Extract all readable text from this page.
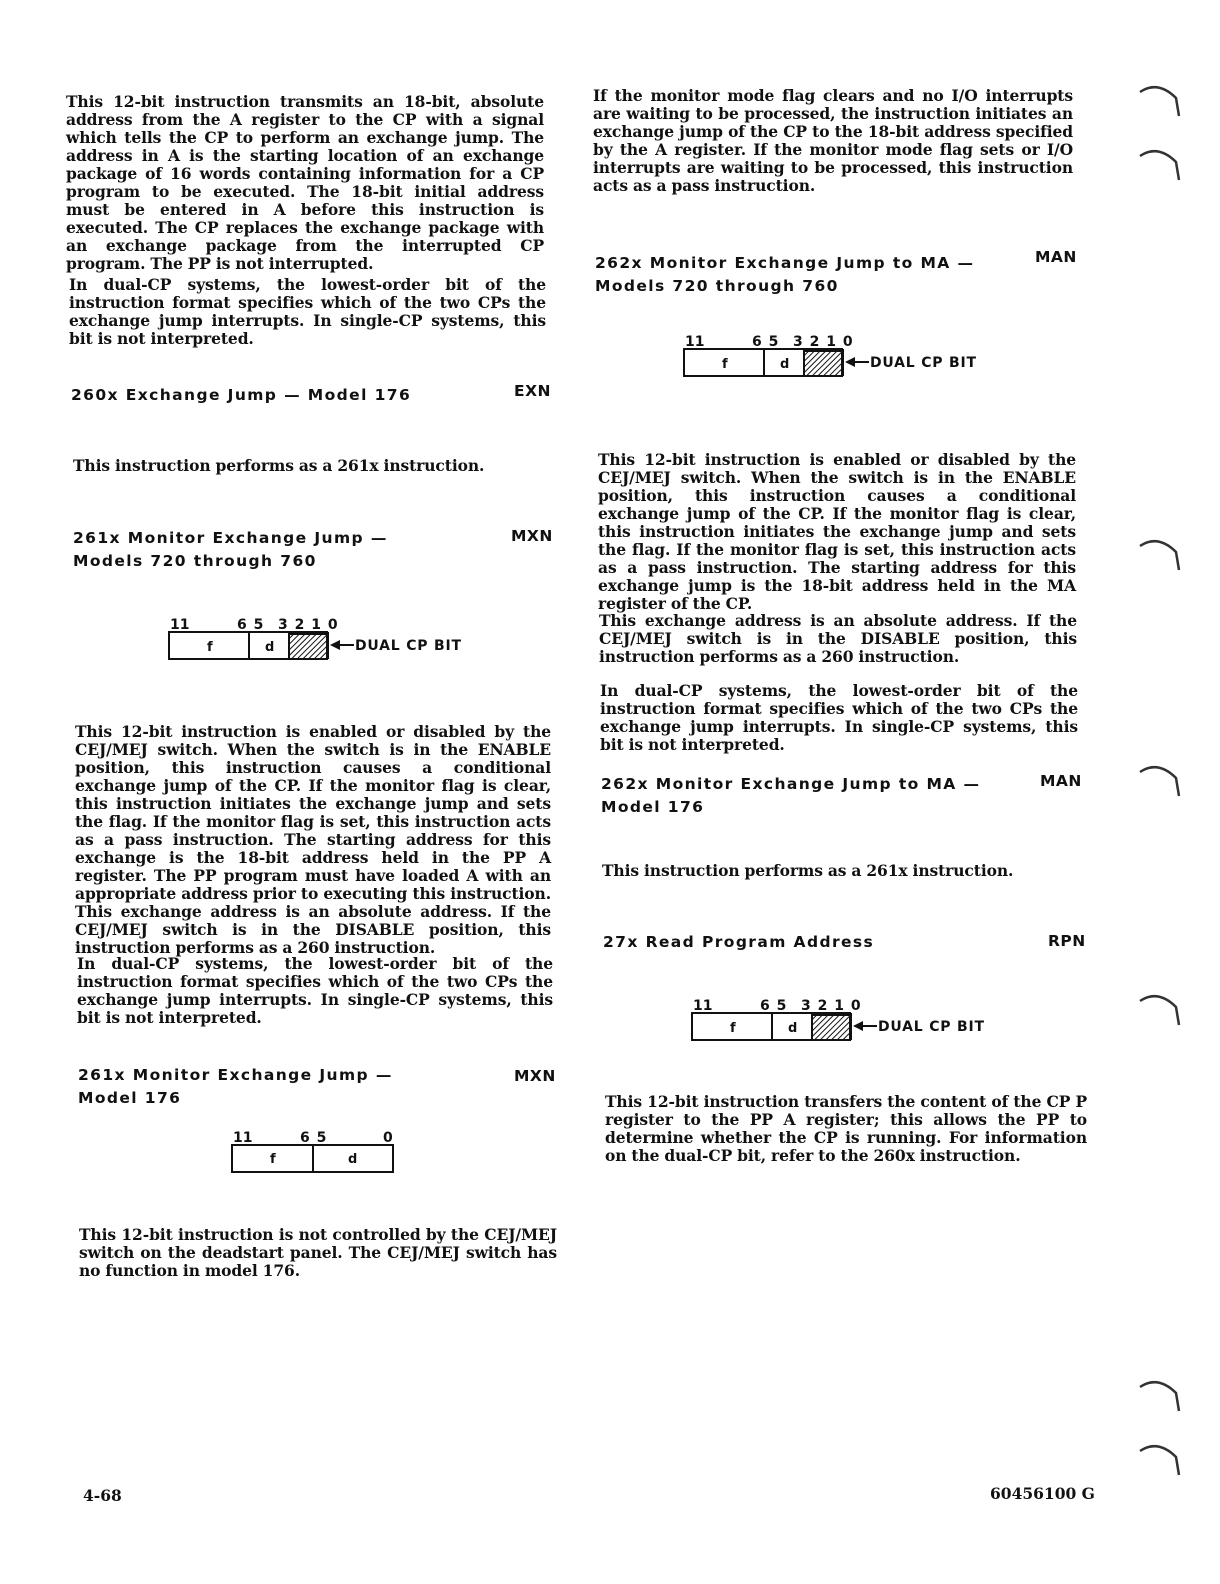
This 12-bit instruction transmits an 18-bit, absolute address from the A register to the CP with a signal which tells the CP to perform an exchange jump. The address in A is the starting location of an exchange package of 16 words containing information for a CP program to be executed. The 18-bit initial address must be entered in A before this instruction is executed. The CP replaces the exchange package with an exchange package from the interrupted CP program. The PP is not interrupted.

In dual-CP systems, the lowest-order bit of the instruction format specifies which of the two CPs the exchange jump interrupts. In single-CP systems, this bit is not interpreted.

260x Exchange Jump — Model 176	EXN

This instruction performs as a 261x instruction.

261x Monitor Exchange Jump —
Models 720 through 760
MXN
11	6 5 3 2 1 0
f	d	DUAL CP BIT

This 12-bit instruction is enabled or disabled by the CEJ/MEJ switch. When the switch is in the ENABLE position, this instruction causes a conditional exchange jump of the CP. If the monitor flag is clear, this instruction initiates the exchange jump and sets the flag. If the monitor flag is set, this instruction acts as a pass instruction. The starting address for this exchange is the 18-bit address held in the PP A register. The PP program must have loaded A with an appropriate address prior to executing this instruction. This exchange address is an absolute address. If the CEJ/MEJ switch is in the DISABLE position, this instruction performs as a 260 instruction.

In dual-CP systems, the lowest-order bit of the instruction format specifies which of the two CPs the exchange jump interrupts. In single-CP systems, this bit is not interpreted.

261x Monitor Exchange Jump —
Model 176
MXN
11	6 5	0
f	d

This 12-bit instruction is not controlled by the CEJ/MEJ switch on the deadstart panel. The CEJ/MEJ switch has no function in model 176.

If the monitor mode flag clears and no I/O interrupts are waiting to be processed, the instruction initiates an exchange jump of the CP to the 18-bit address specified by the A register. If the monitor mode flag sets or I/O interrupts are waiting to be processed, this instruction acts as a pass instruction.

262x Monitor Exchange Jump to MA —
Models 720 through 760
MAN
11	6 5 3 2 1 0
f	d	DUAL CP BIT

This 12-bit instruction is enabled or disabled by the CEJ/MEJ switch. When the switch is in the ENABLE position, this instruction causes a conditional exchange jump of the CP. If the monitor flag is clear, this instruction initiates the exchange jump and sets the flag. If the monitor flag is set, this instruction acts as a pass instruction. The starting address for this exchange jump is the 18-bit address held in the MA register of the CP.

This exchange address is an absolute address. If the CEJ/MEJ switch is in the DISABLE position, this instruction performs as a 260 instruction.

In dual-CP systems, the lowest-order bit of the instruction format specifies which of the two CPs the exchange jump interrupts. In single-CP systems, this bit is not interpreted.

262x Monitor Exchange Jump to MA —
Model 176
MAN

This instruction performs as a 261x instruction.

27x Read Program Address	RPN
11	6 5 3 2 1 0
f	d	DUAL CP BIT

This 12-bit instruction transfers the content of the CP P register to the PP A register; this allows the PP to determine whether the CP is running. For information on the dual-CP bit, refer to the 260x instruction.

4-68	60456100 G
